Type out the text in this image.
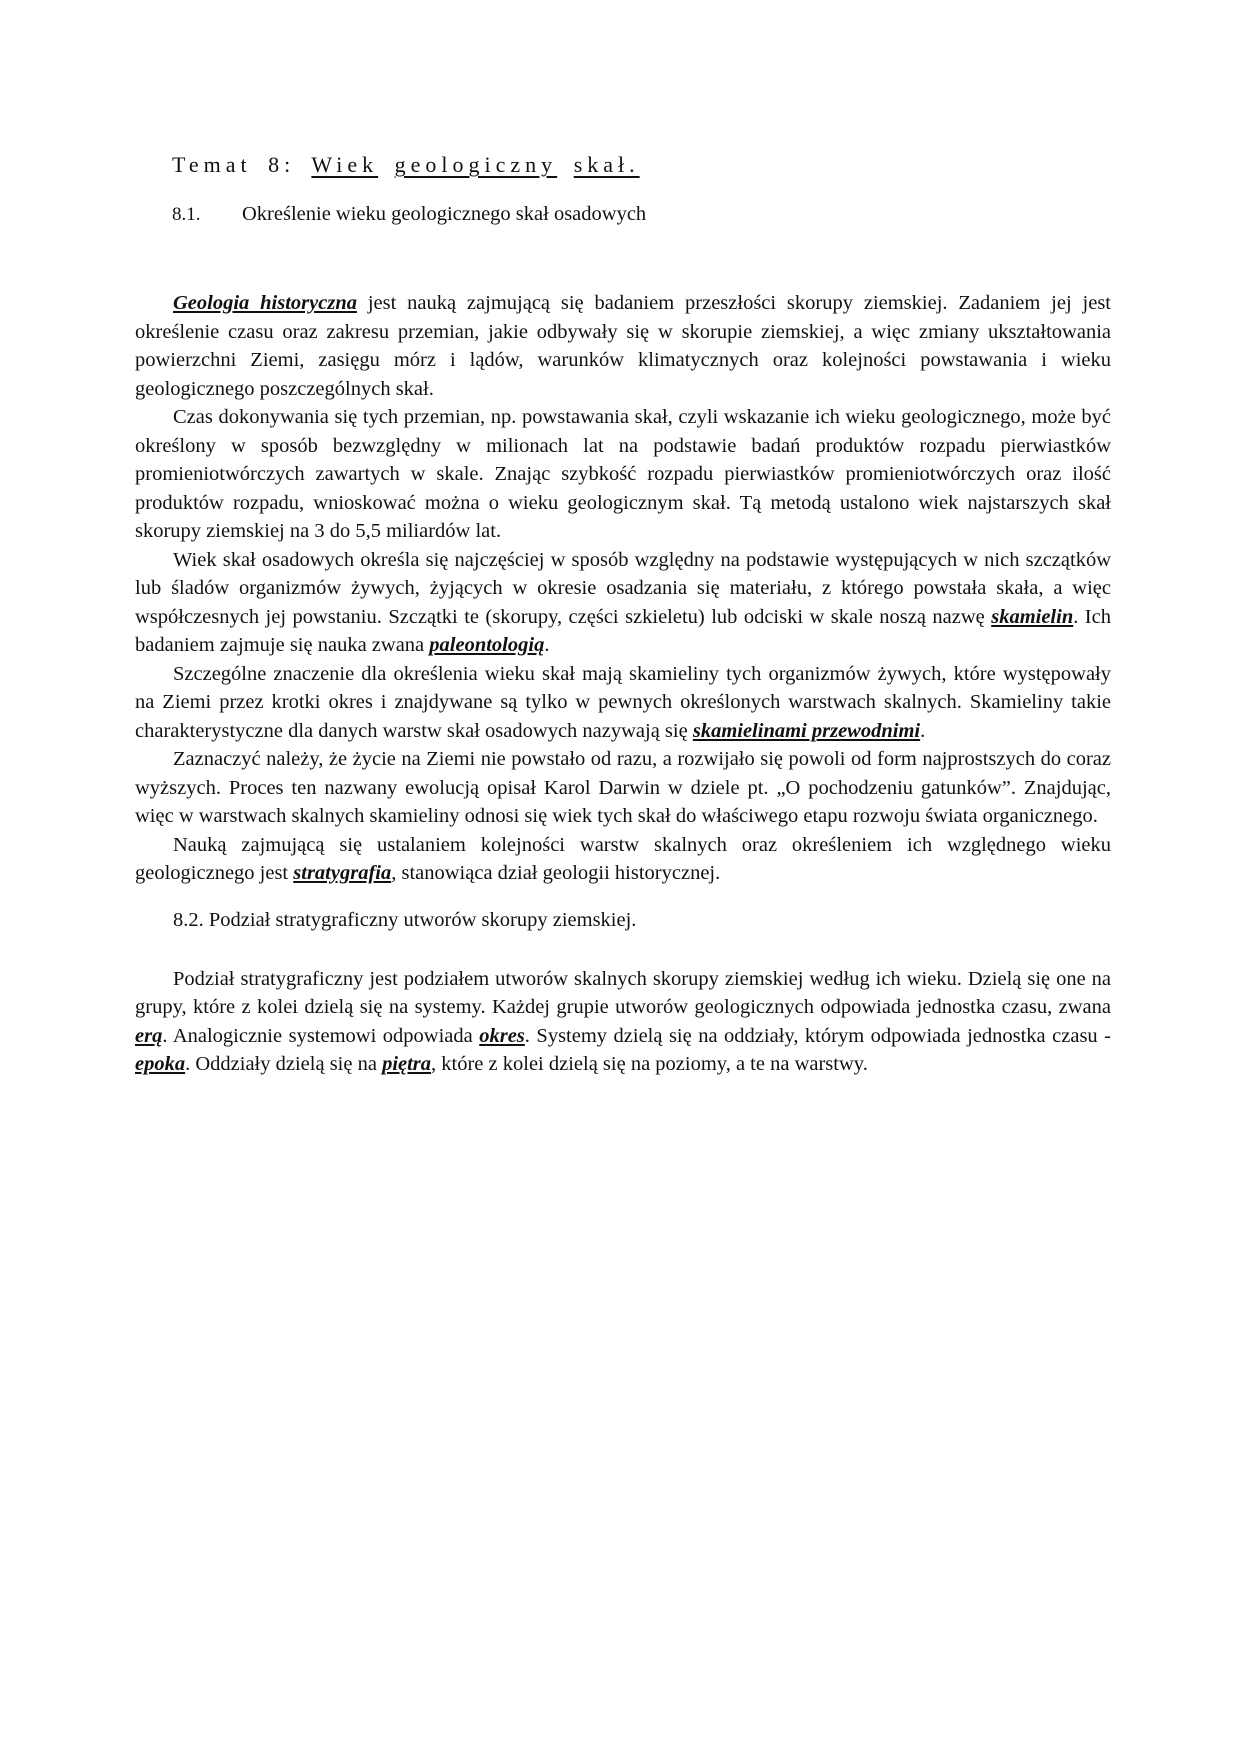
Temat 8: Wiek geologiczny skał.
8.1. Określenie wieku geologicznego skał osadowych

Geologia historyczna jest nauką zajmującą się badaniem przeszłości skorupy ziemskiej. Zadaniem jej jest określenie czasu oraz zakresu przemian, jakie odbywały się w skorupie ziemskiej, a więc zmiany ukształtowania powierzchni Ziemi, zasięgu mórz i lądów, warunków klimatycznych oraz kolejności powstawania i wieku geologicznego poszczególnych skał.

Czas dokonywania się tych przemian, np. powstawania skał, czyli wskazanie ich wieku geologicznego, może być określony w sposób bezwzględny w milionach lat na podstawie badań produktów rozpadu pierwiastków promieniotwórczych zawartych w skale. Znając szybkość rozpadu pierwiastków promieniotwórczych oraz ilość produktów rozpadu, wnioskować można o wieku geologicznym skał. Tą metodą ustalono wiek najstarszych skał skorupy ziemskiej na 3 do 5,5 miliardów lat.

Wiek skał osadowych określa się najczęściej w sposób względny na podstawie występujących w nich szczątków lub śladów organizmów żywych, żyjących w okresie osadzania się materiału, z którego powstała skała, a więc współczesnych jej powstaniu. Szczątki te (skorupy, części szkieletu) lub odciski w skale noszą nazwę skamielin. Ich badaniem zajmuje się nauka zwana paleontologią.

Szczególne znaczenie dla określenia wieku skał mają skamieliny tych organizmów żywych, które występowały na Ziemi przez krotki okres i znajdywane są tylko w pewnych określonych warstwach skalnych. Skamieliny takie charakterystyczne dla danych warstw skał osadowych nazywają się skamielinami przewodnimi.

Zaznaczyć należy, że życie na Ziemi nie powstało od razu, a rozwijało się powoli od form najprostszych do coraz wyższych. Proces ten nazwany ewolucją opisał Karol Darwin w dziele pt. „O pochodzeniu gatunków”. Znajdując, więc w warstwach skalnych skamieliny odnosi się wiek tych skał do właściwego etapu rozwoju świata organicznego.

Nauką zajmującą się ustalaniem kolejności warstw skalnych oraz określeniem ich względnego wieku geologicznego jest stratygrafia, stanowiąca dział geologii historycznej.

8.2. Podział stratygraficzny utworów skorupy ziemskiej.

Podział stratygraficzny jest podziałem utworów skalnych skorupy ziemskiej według ich wieku. Dzielą się one na grupy, które z kolei dzielą się na systemy. Każdej grupie utworów geologicznych odpowiada jednostka czasu, zwana erą. Analogicznie systemowi odpowiada okres. Systemy dzielą się na oddziały, którym odpowiada jednostka czasu - epoka. Oddziały dzielą się na piętra, które z kolei dzielą się na poziomy, a te na warstwy.
